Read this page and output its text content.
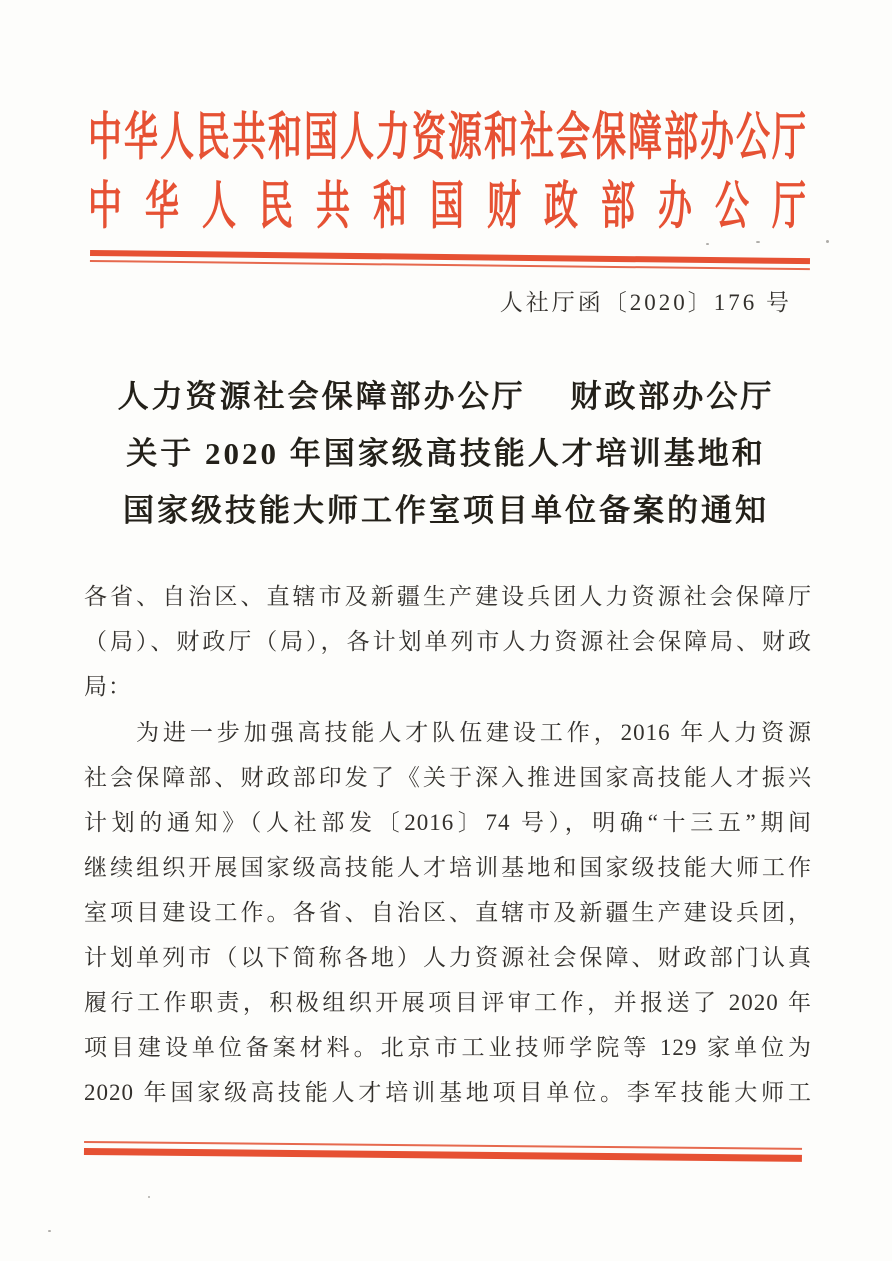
中华人民共和国人力资源和社会保障部办公厅
中华人民共和国财政部办公厅
人社厅函〔2020〕176 号
人力资源社会保障部办公厅　 财政部办公厅
关于 2020 年国家级高技能人才培训基地和
国家级技能大师工作室项目单位备案的通知
各省、自治区、直辖市及新疆生产建设兵团人力资源社会保障厅
（局）、财政厅（局），各计划单列市人力资源社会保障局、财政
局：
为进一步加强高技能人才队伍建设工作，2016 年人力资源
社会保障部、财政部印发了《关于深入推进国家高技能人才振兴
计划的通知》（人社部发〔2016〕74 号），明确“十三五”期间
继续组织开展国家级高技能人才培训基地和国家级技能大师工作
室项目建设工作。各省、自治区、直辖市及新疆生产建设兵团，
计划单列市（以下简称各地）人力资源社会保障、财政部门认真
履行工作职责，积极组织开展项目评审工作，并报送了 2020 年
项目建设单位备案材料。北京市工业技师学院等 129 家单位为
2020 年国家级高技能人才培训基地项目单位。李军技能大师工
